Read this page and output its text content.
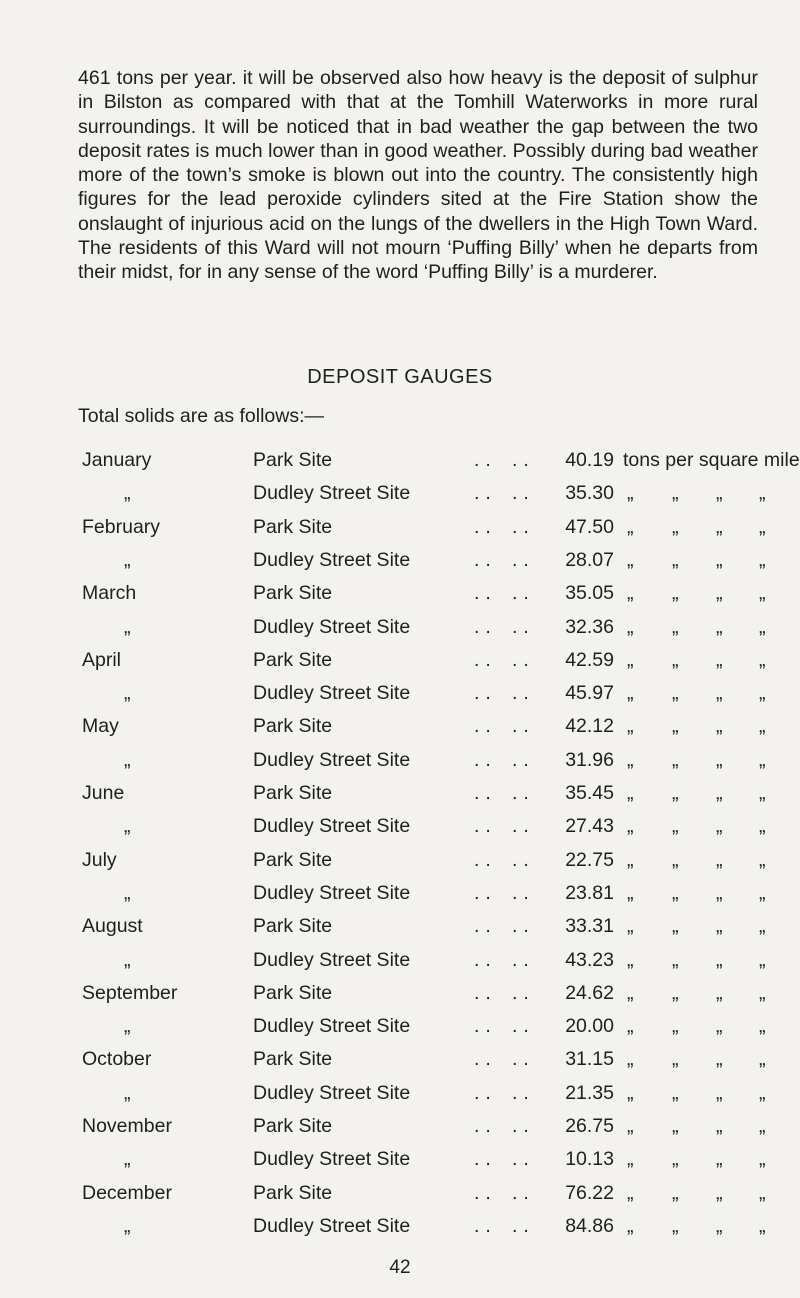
461 tons per year. it will be observed also how heavy is the deposit of sulphur in Bilston as compared with that at the Tomhill Waterworks in more rural surroundings. It will be noticed that in bad weather the gap between the two deposit rates is much lower than in good weather. Possibly during bad weather more of the town’s smoke is blown out into the country. The consistently high figures for the lead peroxide cylinders sited at the Fire Station show the onslaught of injurious acid on the lungs of the dwellers in the High Town Ward. The residents of this Ward will not mourn ‘Puffing Billy’ when he departs from their midst, for in any sense of the word ‘Puffing Billy’ is a murderer.

DEPOSIT GAUGES
Total solids are as follows:—
January	Park Site	.. ..	40.19 tons per square mile
„	Dudley Street Site	.. ..	35.30 „ „ „ „
February	Park Site	.. ..	47.50 „ „ „ „
„	Dudley Street Site	.. ..	28.07 „ „ „ „
March	Park Site	.. ..	35.05 „ „ „ „
„	Dudley Street Site	.. ..	32.36 „ „ „ „
April	Park Site	.. ..	42.59 „ „ „ „
„	Dudley Street Site	.. ..	45.97 „ „ „ „
May	Park Site	.. ..	42.12 „ „ „ „
„	Dudley Street Site	.. ..	31.96 „ „ „ „
June	Park Site	.. ..	35.45 „ „ „ „
„	Dudley Street Site	.. ..	27.43 „ „ „ „
July	Park Site	.. ..	22.75 „ „ „ „
„	Dudley Street Site	.. ..	23.81 „ „ „ „
August	Park Site	.. ..	33.31 „ „ „ „
„	Dudley Street Site	.. ..	43.23 „ „ „ „
September	Park Site	.. ..	24.62 „ „ „ „
„	Dudley Street Site	.. ..	20.00 „ „ „ „
October	Park Site	.. ..	31.15 „ „ „ „
„	Dudley Street Site	.. ..	21.35 „ „ „ „
November	Park Site	.. ..	26.75 „ „ „ „
„	Dudley Street Site	.. ..	10.13 „ „ „ „
December	Park Site	.. ..	76.22 „ „ „ „
„	Dudley Street Site	.. ..	84.86 „ „ „ „
42
